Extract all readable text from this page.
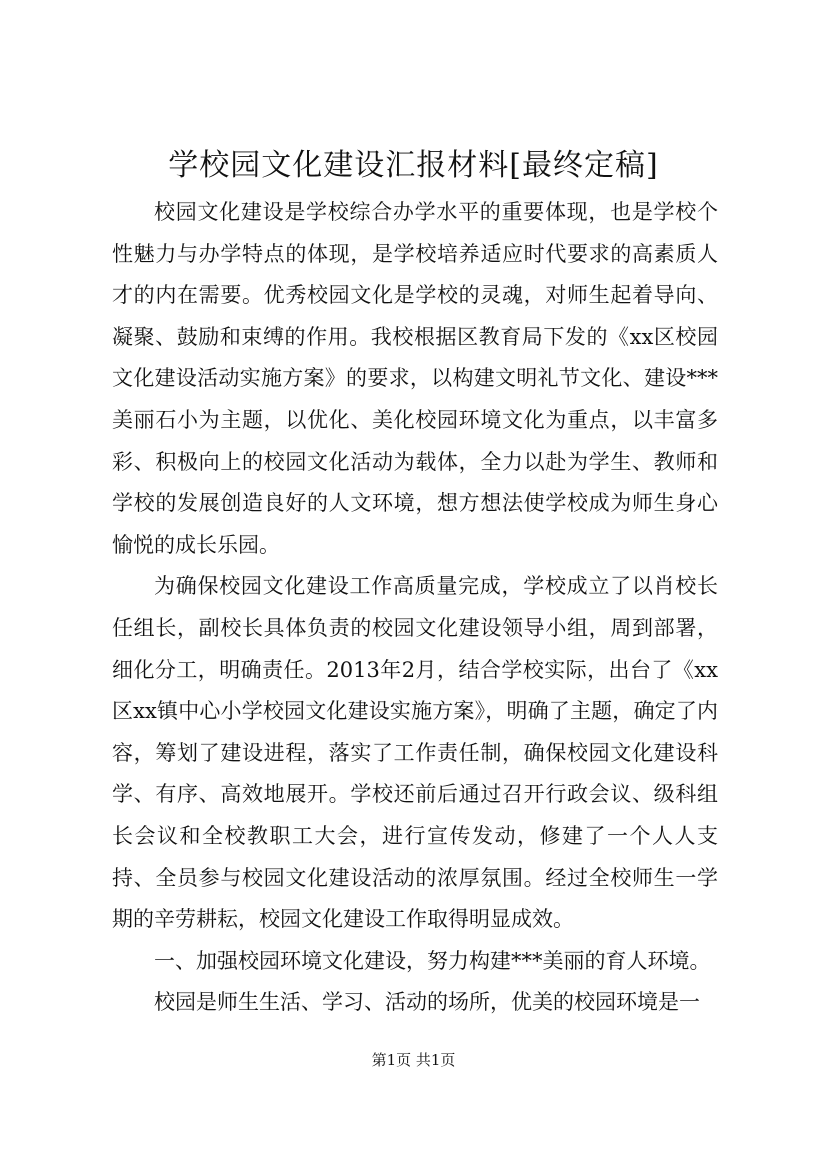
学校园文化建设汇报材料[最终定稿]

校园文化建设是学校综合办学水平的重要体现，也是学校个性魅力与办学特点的体现，是学校培养适应时代要求的高素质人才的内在需要。优秀校园文化是学校的灵魂，对师生起着导向、凝聚、鼓励和束缚的作用。我校根据区教育局下发的《xx区校园文化建设活动实施方案》的要求，以构建文明礼节文化、建设***美丽石小为主题，以优化、美化校园环境文化为重点，以丰富多彩、积极向上的校园文化活动为载体，全力以赴为学生、教师和学校的发展创造良好的人文环境，想方想法使学校成为师生身心愉悦的成长乐园。

为确保校园文化建设工作高质量完成，学校成立了以肖校长任组长，副校长具体负责的校园文化建设领导小组，周到部署，细化分工，明确责任。2013年2月，结合学校实际，出台了《xx区xx镇中心小学校园文化建设实施方案》，明确了主题，确定了内容，筹划了建设进程，落实了工作责任制，确保校园文化建设科学、有序、高效地展开。学校还前后通过召开行政会议、级科组长会议和全校教职工大会，进行宣传发动，修建了一个人人支持、全员参与校园文化建设活动的浓厚氛围。经过全校师生一学期的辛劳耕耘，校园文化建设工作取得明显成效。

一、加强校园环境文化建设，努力构建***美丽的育人环境。

校园是师生生活、学习、活动的场所，优美的校园环境是一

第1页 共1页
